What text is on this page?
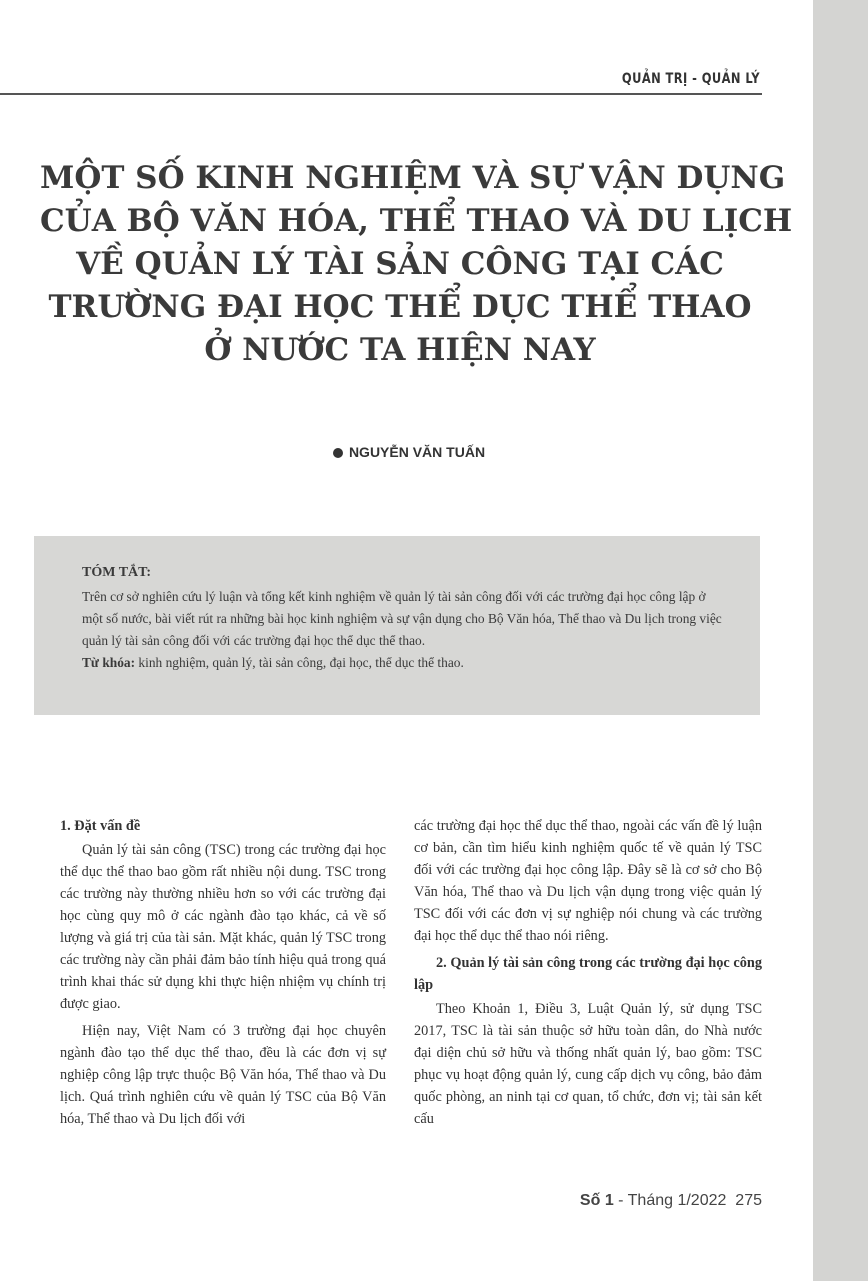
QUẢN TRỊ - QUẢN LÝ
MỘT SỐ KINH NGHIỆM VÀ SỰ VẬN DỤNG
CỦA BỘ VĂN HÓA, THỂ THAO VÀ DU LỊCH
VỀ QUẢN LÝ TÀI SẢN CÔNG TẠI CÁC
TRƯỜNG ĐẠI HỌC THỂ DỤC THỂ THAO
Ở NƯỚC TA HIỆN NAY
NGUYỄN VĂN TUẤN
TÓM TẮT:
Trên cơ sở nghiên cứu lý luận và tổng kết kinh nghiệm về quản lý tài sản công đối với các trường đại học công lập ở một số nước, bài viết rút ra những bài học kinh nghiệm và sự vận dụng cho Bộ Văn hóa, Thể thao và Du lịch trong việc quản lý tài sản công đối với các trường đại học thể dục thể thao.
Từ khóa: kinh nghiệm, quản lý, tài sản công, đại học, thể dục thể thao.
1. Đặt vấn đề

Quản lý tài sản công (TSC) trong các trường đại học thể dục thể thao bao gồm rất nhiều nội dung. TSC trong các trường này thường nhiều hơn so với các trường đại học cùng quy mô ở các ngành đào tạo khác, cả về số lượng và giá trị của tài sản. Mặt khác, quản lý TSC trong các trường này cần phải đảm bảo tính hiệu quả trong quá trình khai thác sử dụng khi thực hiện nhiệm vụ chính trị được giao.

Hiện nay, Việt Nam có 3 trường đại học chuyên ngành đào tạo thể dục thể thao, đều là các đơn vị sự nghiệp công lập trực thuộc Bộ Văn hóa, Thể thao và Du lịch. Quá trình nghiên cứu về quản lý TSC của Bộ Văn hóa, Thể thao và Du lịch đối với

các trường đại học thể dục thể thao, ngoài các vấn đề lý luận cơ bản, cần tìm hiểu kinh nghiệm quốc tế về quản lý TSC đối với các trường đại học công lập. Đây sẽ là cơ sở cho Bộ Văn hóa, Thể thao và Du lịch vận dụng trong việc quản lý TSC đối với các đơn vị sự nghiệp nói chung và các trường đại học thể dục thể thao nói riêng.

2. Quản lý tài sản công trong các trường đại học công lập

Theo Khoản 1, Điều 3, Luật Quản lý, sử dụng TSC 2017, TSC là tài sản thuộc sở hữu toàn dân, do Nhà nước đại diện chủ sở hữu và thống nhất quản lý, bao gồm: TSC phục vụ hoạt động quản lý, cung cấp dịch vụ công, bảo đảm quốc phòng, an ninh tại cơ quan, tổ chức, đơn vị; tài sản kết cấu

Số 1 - Tháng 1/2022 275
